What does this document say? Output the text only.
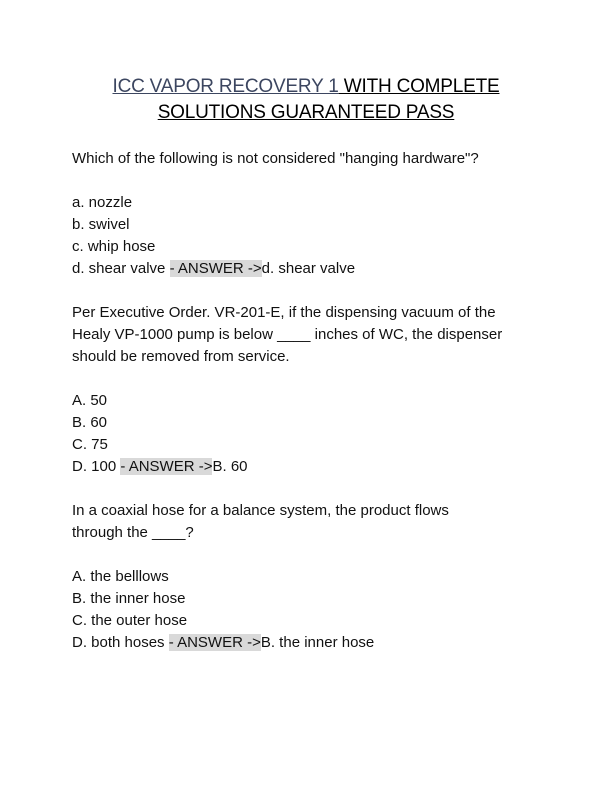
ICC VAPOR RECOVERY 1 WITH COMPLETE
SOLUTIONS GUARANTEED PASS
Which of the following is not considered "hanging hardware"?
a. nozzle
b. swivel
c. whip hose
d. shear valve - ANSWER ->d. shear valve
Per Executive Order. VR-201-E, if the dispensing vacuum of the
Healy VP-1000 pump is below ____ inches of WC, the dispenser
should be removed from service.
A. 50
B. 60
C. 75
D. 100 - ANSWER ->B. 60
In a coaxial hose for a balance system, the product flows
through the ____?
A. the belllows
B. the inner hose
C. the outer hose
D. both hoses - ANSWER ->B. the inner hose
